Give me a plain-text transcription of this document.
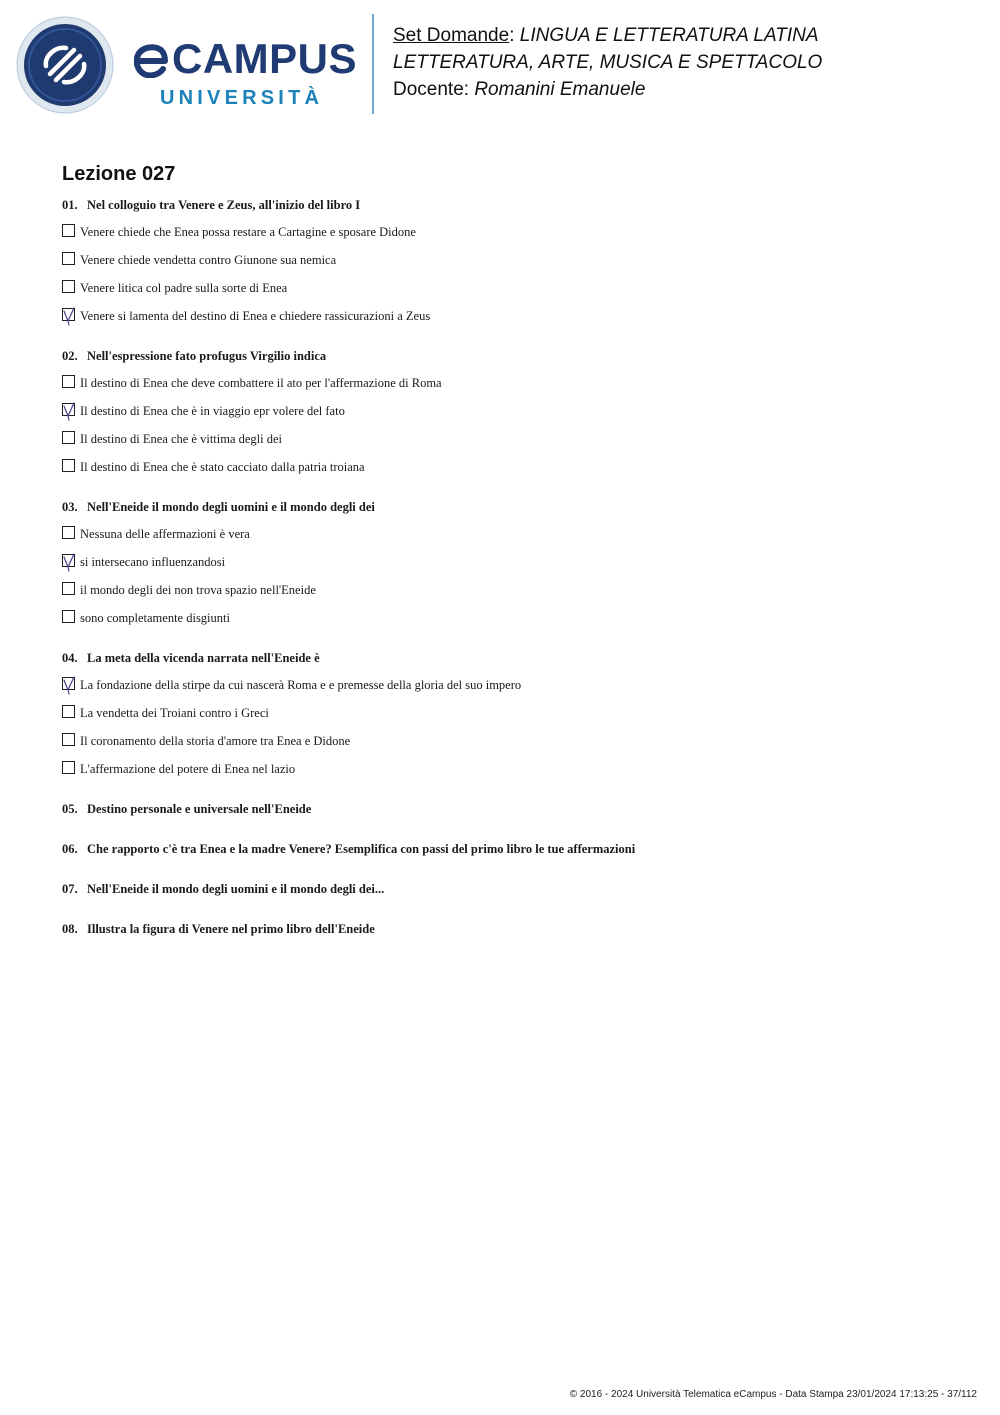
CAMPUS
UNIVERSITÀ
Set Domande: LINGUA E LETTERATURA LATINA
LETTERATURA, ARTE, MUSICA E SPETTACOLO
Docente: Romanini Emanuele
Lezione 027
01. Nel colloguio tra Venere e Zeus, all'inizio del libro I
Venere chiede che Enea possa restare a Cartagine e sposare Didone
Venere chiede vendetta contro Giunone sua nemica
Venere litica col padre sulla sorte di Enea
Venere si lamenta del destino di Enea e chiedere rassicurazioni a Zeus
02. Nell'espressione fato profugus Virgilio indica
Il destino di Enea che deve combattere il ato per l'affermazione di Roma
Il destino di Enea che è in viaggio epr volere del fato
Il destino di Enea che è vittima degli dei
Il destino di Enea che è stato cacciato dalla patria troiana
03. Nell'Eneide il mondo degli uomini e il mondo degli dei
Nessuna delle affermazioni è vera
si intersecano influenzandosi
il mondo degli dei non trova spazio nell'Eneide
sono completamente disgiunti
04. La meta della vicenda narrata nell'Eneide è
La fondazione della stirpe da cui nascerà Roma e e premesse della gloria del suo impero
La vendetta dei Troiani contro i Greci
Il coronamento della storia d'amore tra Enea e Didone
L'affermazione del potere di Enea nel lazio
05. Destino personale e universale nell'Eneide
06. Che rapporto c'è tra Enea e la madre Venere? Esemplifica con passi del primo libro le tue affermazioni
07. Nell'Eneide il mondo degli uomini e il mondo degli dei...
08. Illustra la figura di Venere nel primo libro dell'Eneide
© 2016 - 2024 Università Telematica eCampus - Data Stampa 23/01/2024 17:13:25 - 37/112
